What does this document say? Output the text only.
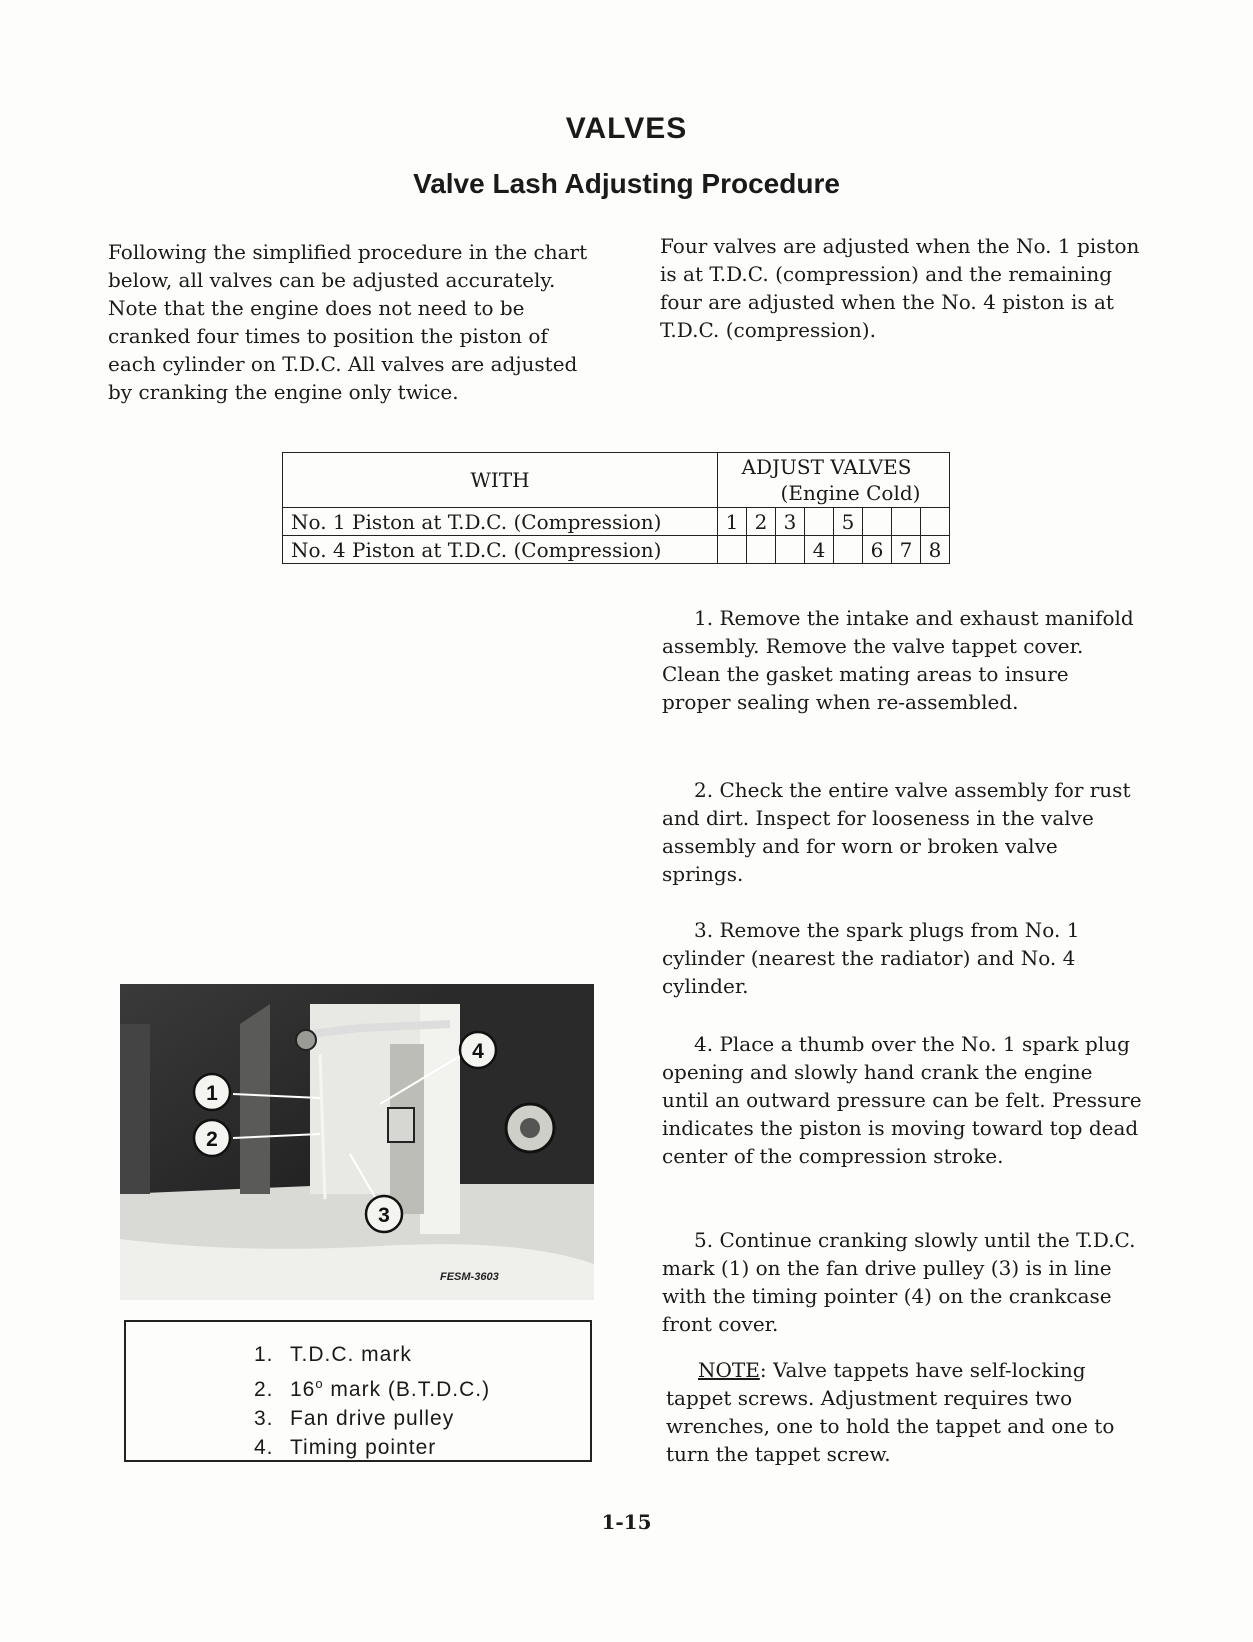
VALVES
Valve Lash Adjusting Procedure

Following the simplified procedure in the chart below, all valves can be adjusted accurately. Note that the engine does not need to be cranked four times to position the piston of each cylinder on T.D.C. All valves are adjusted by cranking the engine only twice.

Four valves are adjusted when the No. 1 piston is at T.D.C. (compression) and the remaining four are adjusted when the No. 4 piston is at T.D.C. (compression).

WITH	ADJUST VALVES
(Engine Cold)							

No. 1 Piston at T.D.C. (Compression)	1	2	3		5			
No. 4 Piston at T.D.C. (Compression)				4		6	7	8

1. Remove the intake and exhaust manifold assembly. Remove the valve tappet cover. Clean the gasket mating areas to insure proper sealing when re-assembled.

2. Check the entire valve assembly for rust and dirt. Inspect for looseness in the valve assembly and for worn or broken valve springs.

3. Remove the spark plugs from No. 1 cylinder (nearest the radiator) and No. 4 cylinder.

4. Place a thumb over the No. 1 spark plug opening and slowly hand crank the engine until an outward pressure can be felt. Pressure indicates the piston is moving toward top dead center of the compression stroke.

5. Continue cranking slowly until the T.D.C. mark (1) on the fan drive pulley (3) is in line with the timing pointer (4) on the crankcase front cover.

NOTE: Valve tappets have self-locking tappet screws. Adjustment requires two wrenches, one to hold the tappet and one to turn the tappet screw.

1
2
3
4
FESM-3603
1. T.D.C. mark
2. 16$^o$ mark (B.T.D.C.)
3. Fan drive pulley
4. Timing pointer
1-15
